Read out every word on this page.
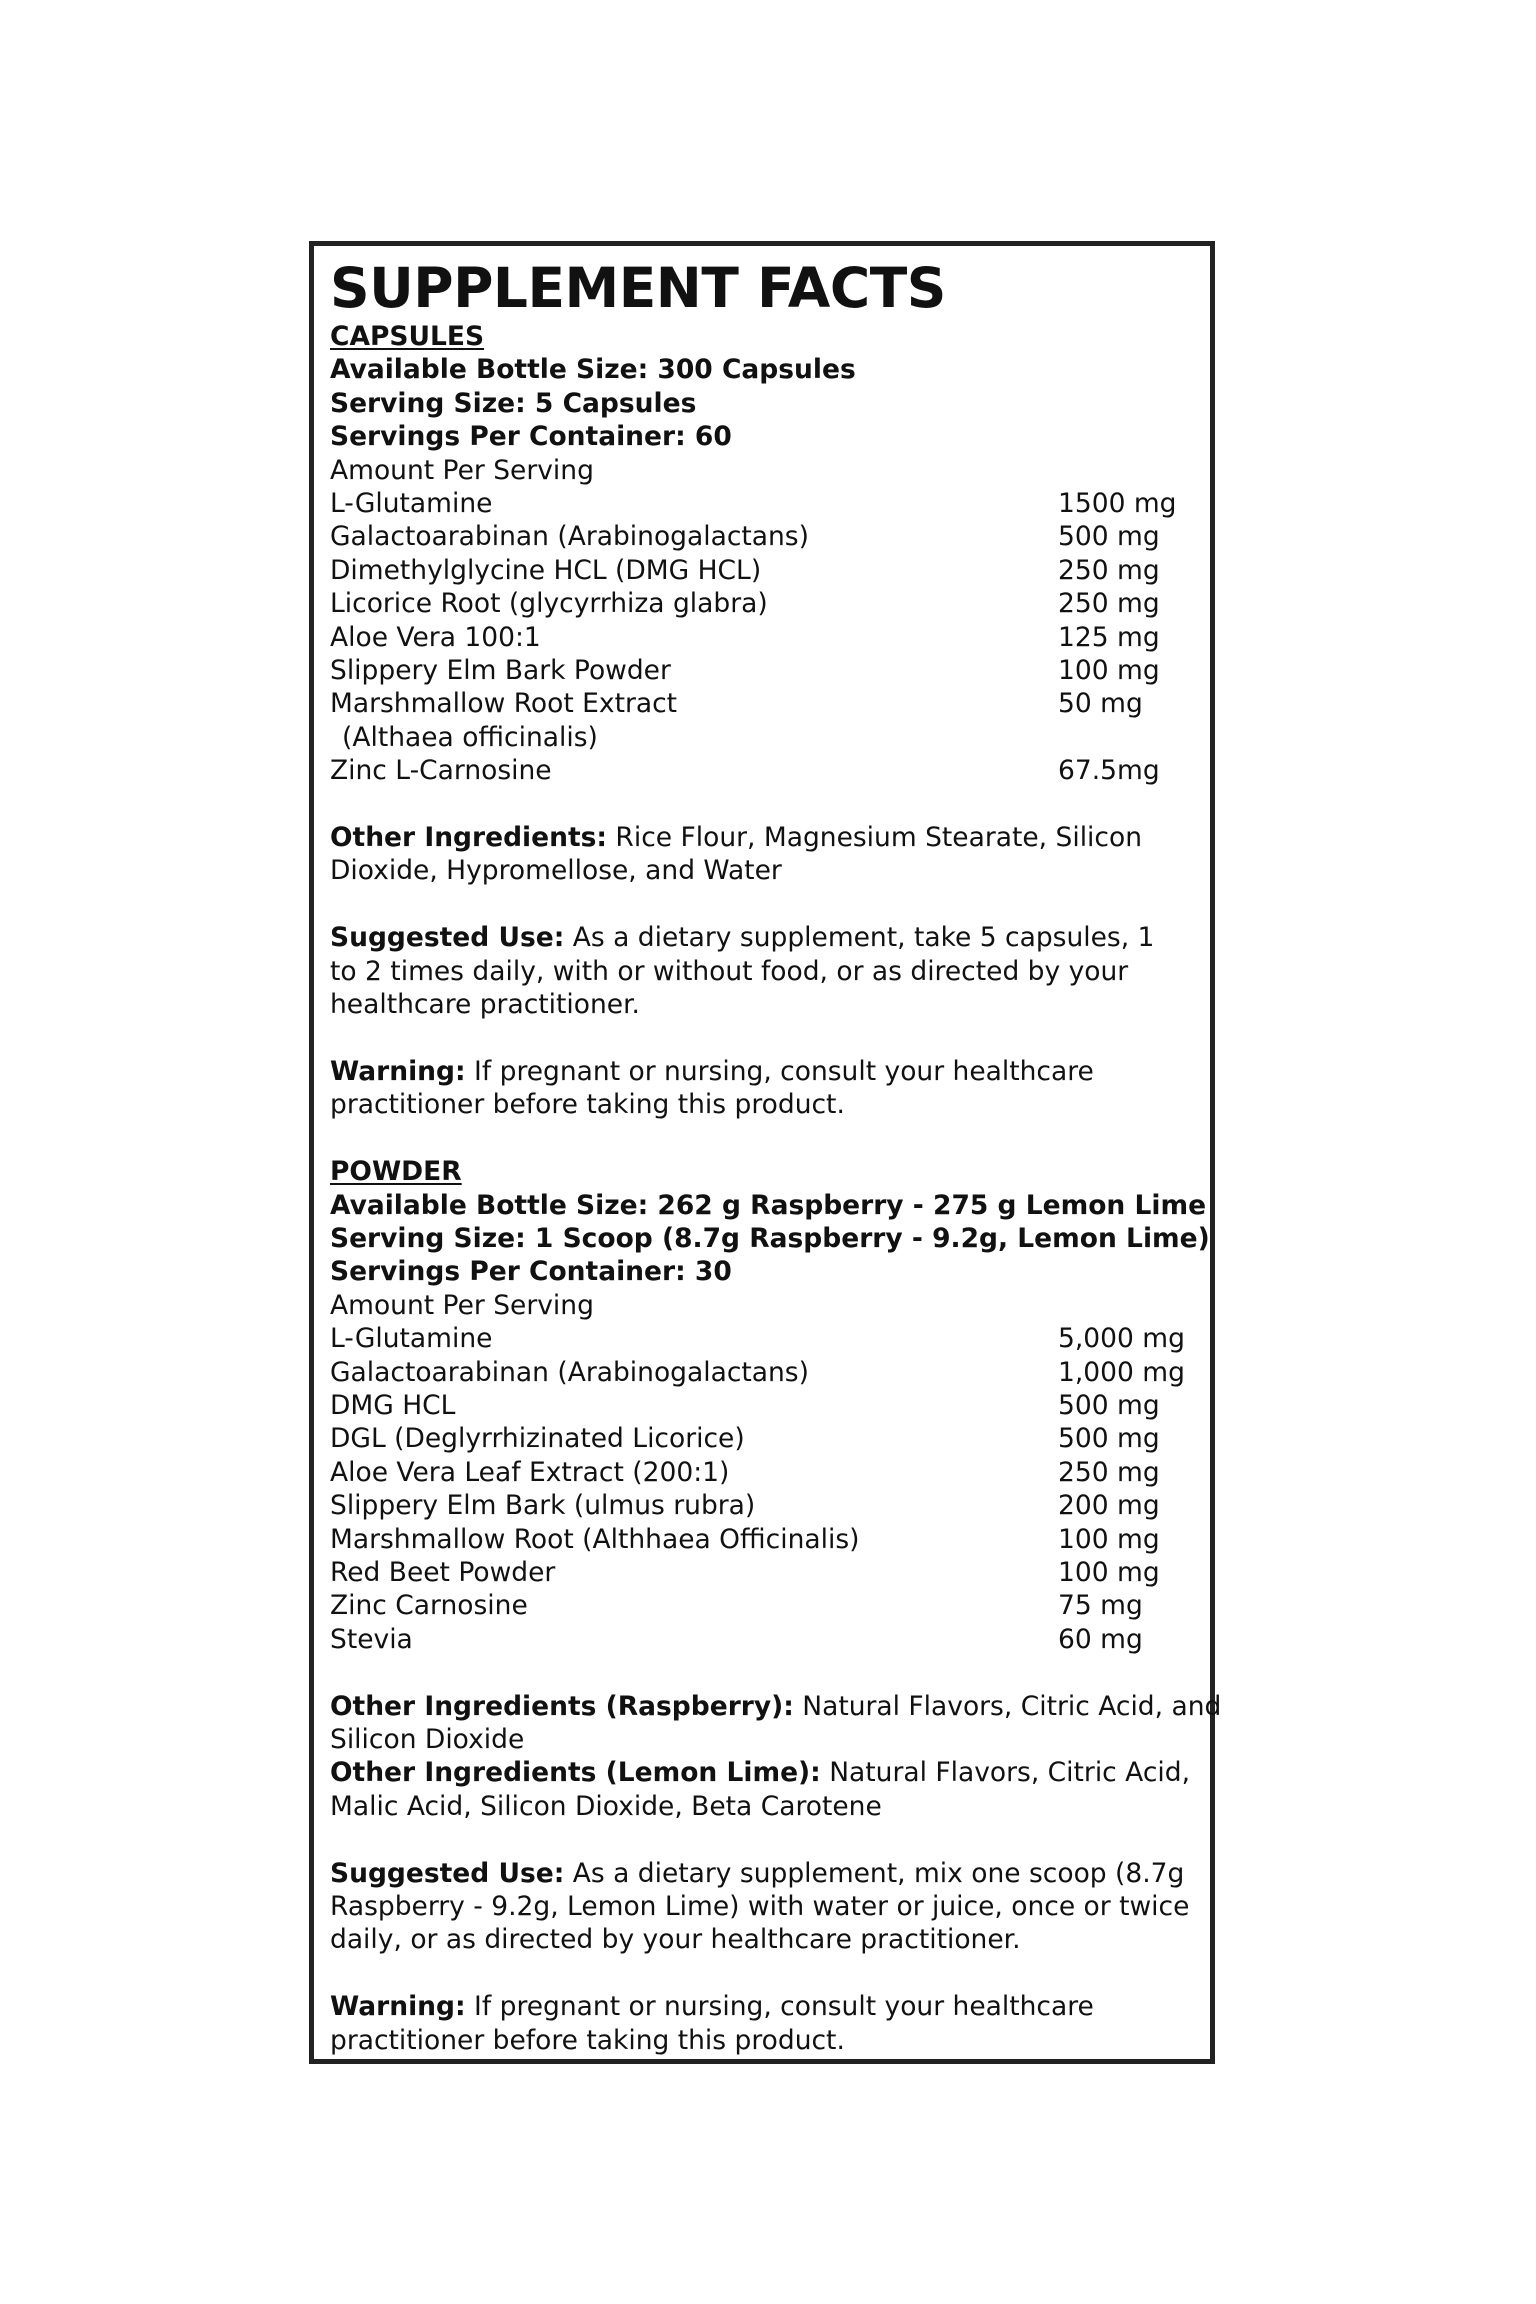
SUPPLEMENT FACTS
CAPSULES
Available Bottle Size: 300 Capsules
Serving Size: 5 Capsules
Servings Per Container: 60
Amount Per Serving
L-Glutamine	1500 mg
Galactoarabinan (Arabinogalactans)	500 mg
Dimethylglycine HCL (DMG HCL)	250 mg
Licorice Root (glycyrrhiza glabra)	250 mg
Aloe Vera 100:1	125 mg
Slippery Elm Bark Powder	100 mg
Marshmallow Root Extract	50 mg
(Althaea officinalis)
Zinc L-Carnosine	67.5mg
Other Ingredients: Rice Flour, Magnesium Stearate, Silicon
Dioxide, Hypromellose, and Water
Suggested Use: As a dietary supplement, take 5 capsules, 1
to 2 times daily, with or without food, or as directed by your
healthcare practitioner.
Warning: If pregnant or nursing, consult your healthcare
practitioner before taking this product.
POWDER
Available Bottle Size: 262 g Raspberry - 275 g Lemon Lime
Serving Size: 1 Scoop (8.7g Raspberry - 9.2g, Lemon Lime)
Servings Per Container: 30
Amount Per Serving
L-Glutamine	5,000 mg
Galactoarabinan (Arabinogalactans)	1,000 mg
DMG HCL	500 mg
DGL (Deglyrrhizinated Licorice)	500 mg
Aloe Vera Leaf Extract (200:1)	250 mg
Slippery Elm Bark (ulmus rubra)	200 mg
Marshmallow Root (Althhaea Officinalis)	100 mg
Red Beet Powder	100 mg
Zinc Carnosine	75 mg
Stevia	60 mg
Other Ingredients (Raspberry): Natural Flavors, Citric Acid, and
Silicon Dioxide
Other Ingredients (Lemon Lime): Natural Flavors, Citric Acid,
Malic Acid, Silicon Dioxide, Beta Carotene
Suggested Use: As a dietary supplement, mix one scoop (8.7g
Raspberry - 9.2g, Lemon Lime) with water or juice, once or twice
daily, or as directed by your healthcare practitioner.
Warning: If pregnant or nursing, consult your healthcare
practitioner before taking this product.
